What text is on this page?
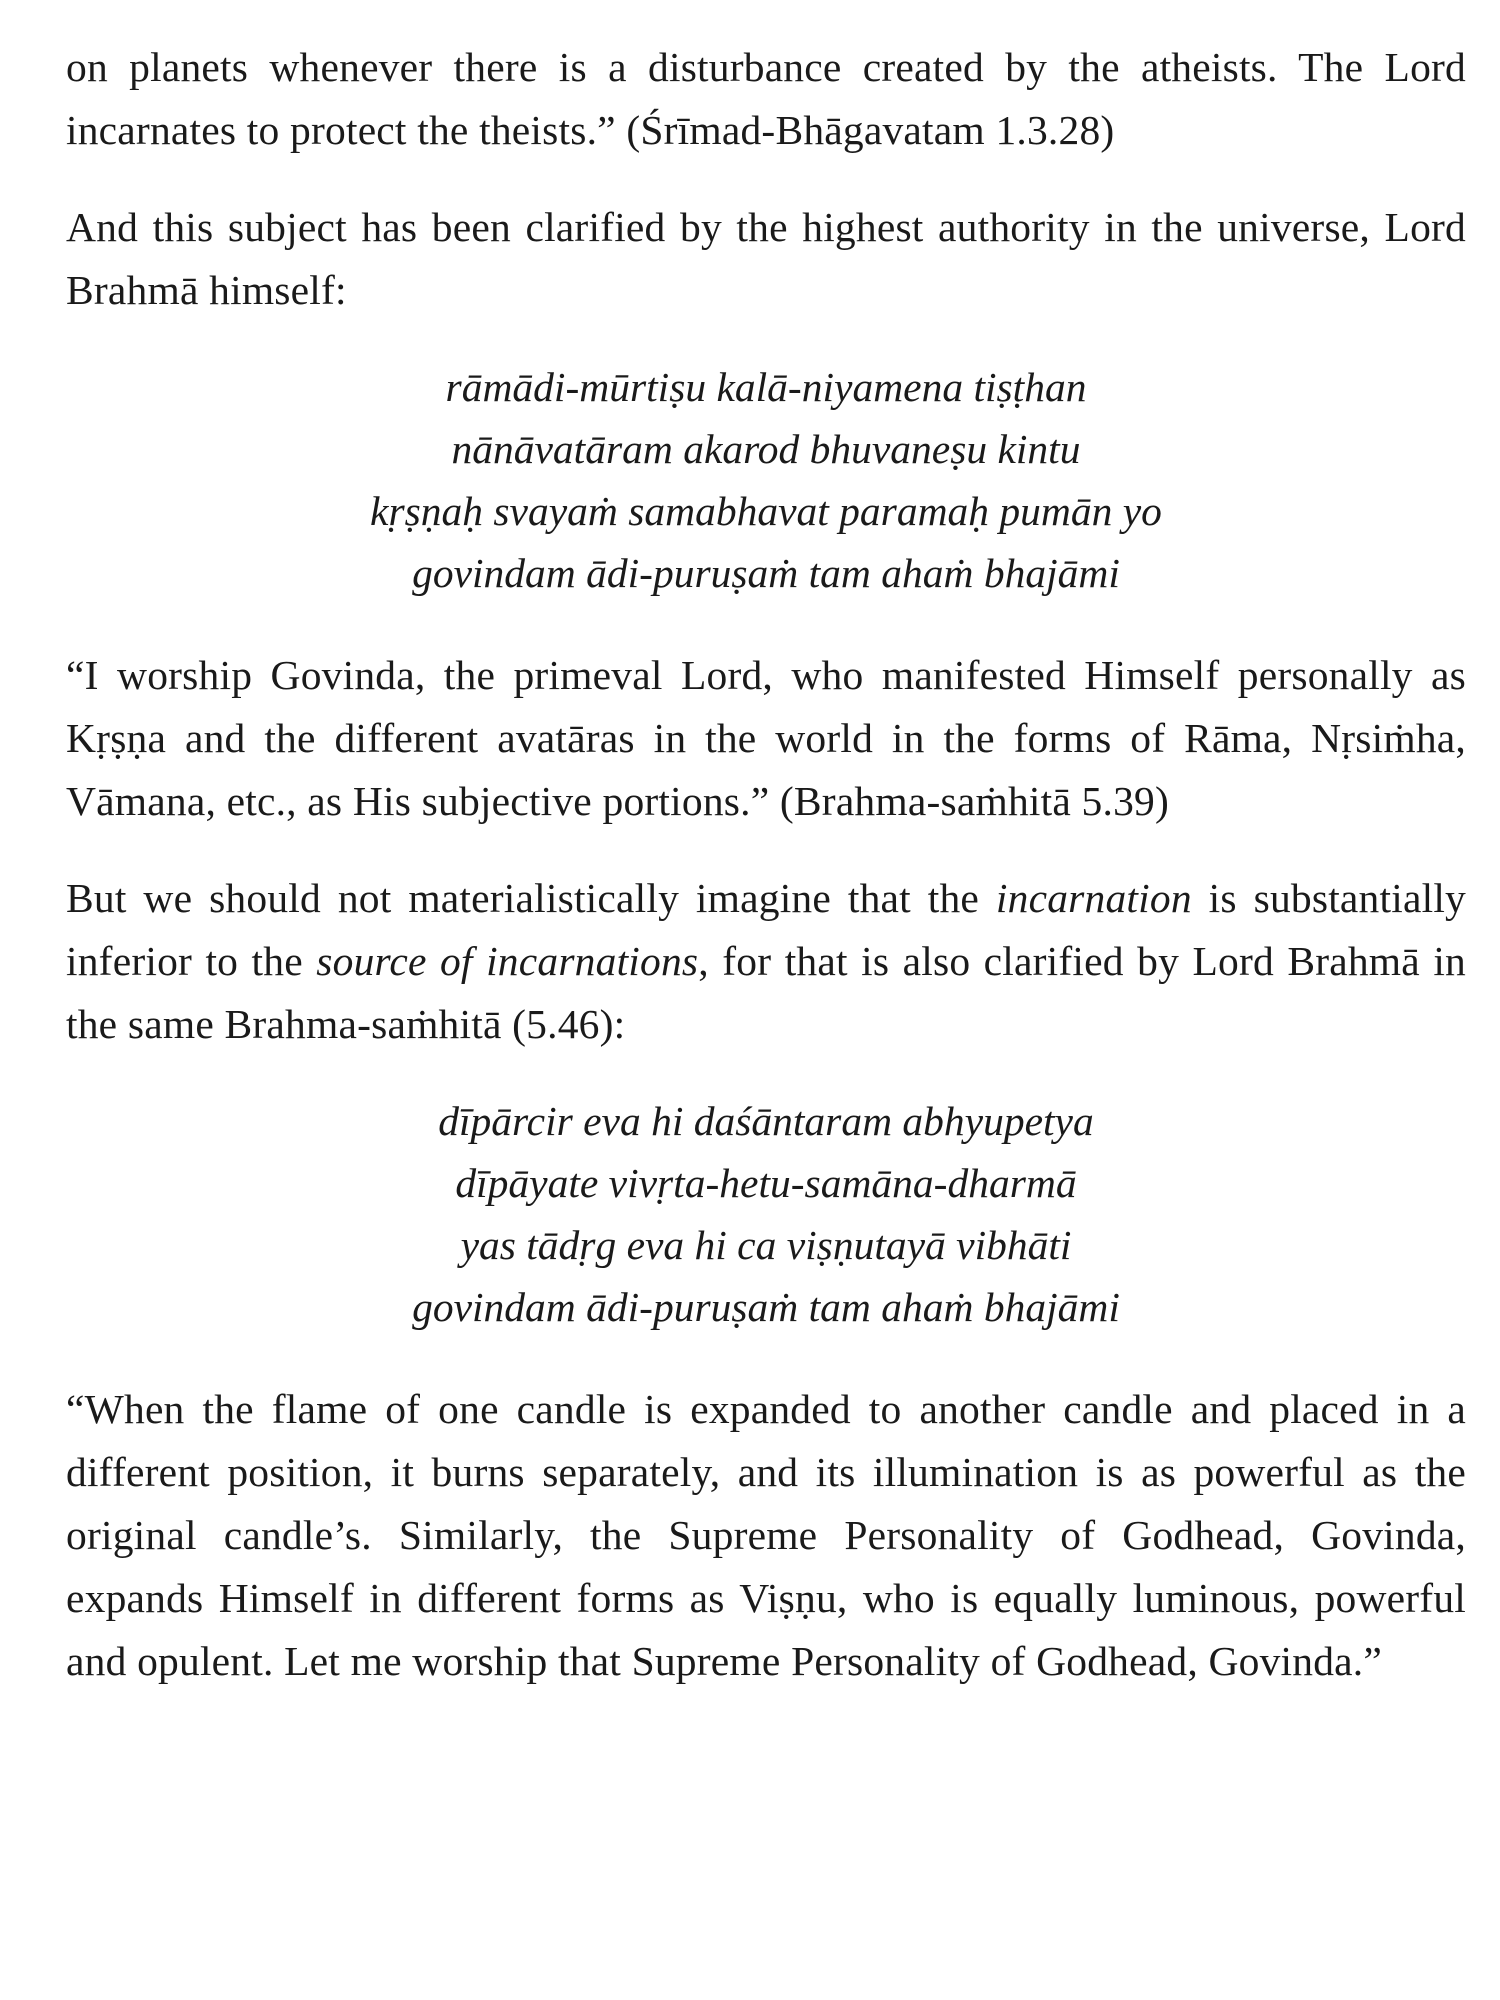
on planets whenever there is a disturbance created by the atheists. The Lord incarnates to protect the theists.” (Śrīmad-Bhāgavatam 1.3.28)

And this subject has been clarified by the highest authority in the universe, Lord Brahmā himself:

rāmādi-mūrtiṣu kalā-niyamena tiṣṭhan
nānāvatāram akarod bhuvaneṣu kintu
kṛṣṇaḥ svayaṁ samabhavat paramaḥ pumān yo
govindam ādi-puruṣaṁ tam ahaṁ bhajāmi

“I worship Govinda, the primeval Lord, who manifested Himself personally as Kṛṣṇa and the different avatāras in the world in the forms of Rāma, Nṛsiṁha, Vāmana, etc., as His subjective portions.” (Brahma-saṁhitā 5.39)

But we should not materialistically imagine that the incarnation is substantially inferior to the source of incarnations, for that is also clarified by Lord Brahmā in the same Brahma-saṁhitā (5.46):

dīpārcir eva hi daśāntaram abhyupetya
dīpāyate vivṛta-hetu-samāna-dharmā
yas tādṛg eva hi ca viṣṇutayā vibhāti
govindam ādi-puruṣaṁ tam ahaṁ bhajāmi

“When the flame of one candle is expanded to another candle and placed in a different position, it burns separately, and its illumination is as powerful as the original candle’s. Similarly, the Supreme Personality of Godhead, Govinda, expands Himself in different forms as Viṣṇu, who is equally luminous, powerful and opulent. Let me worship that Supreme Personality of Godhead, Govinda.”
